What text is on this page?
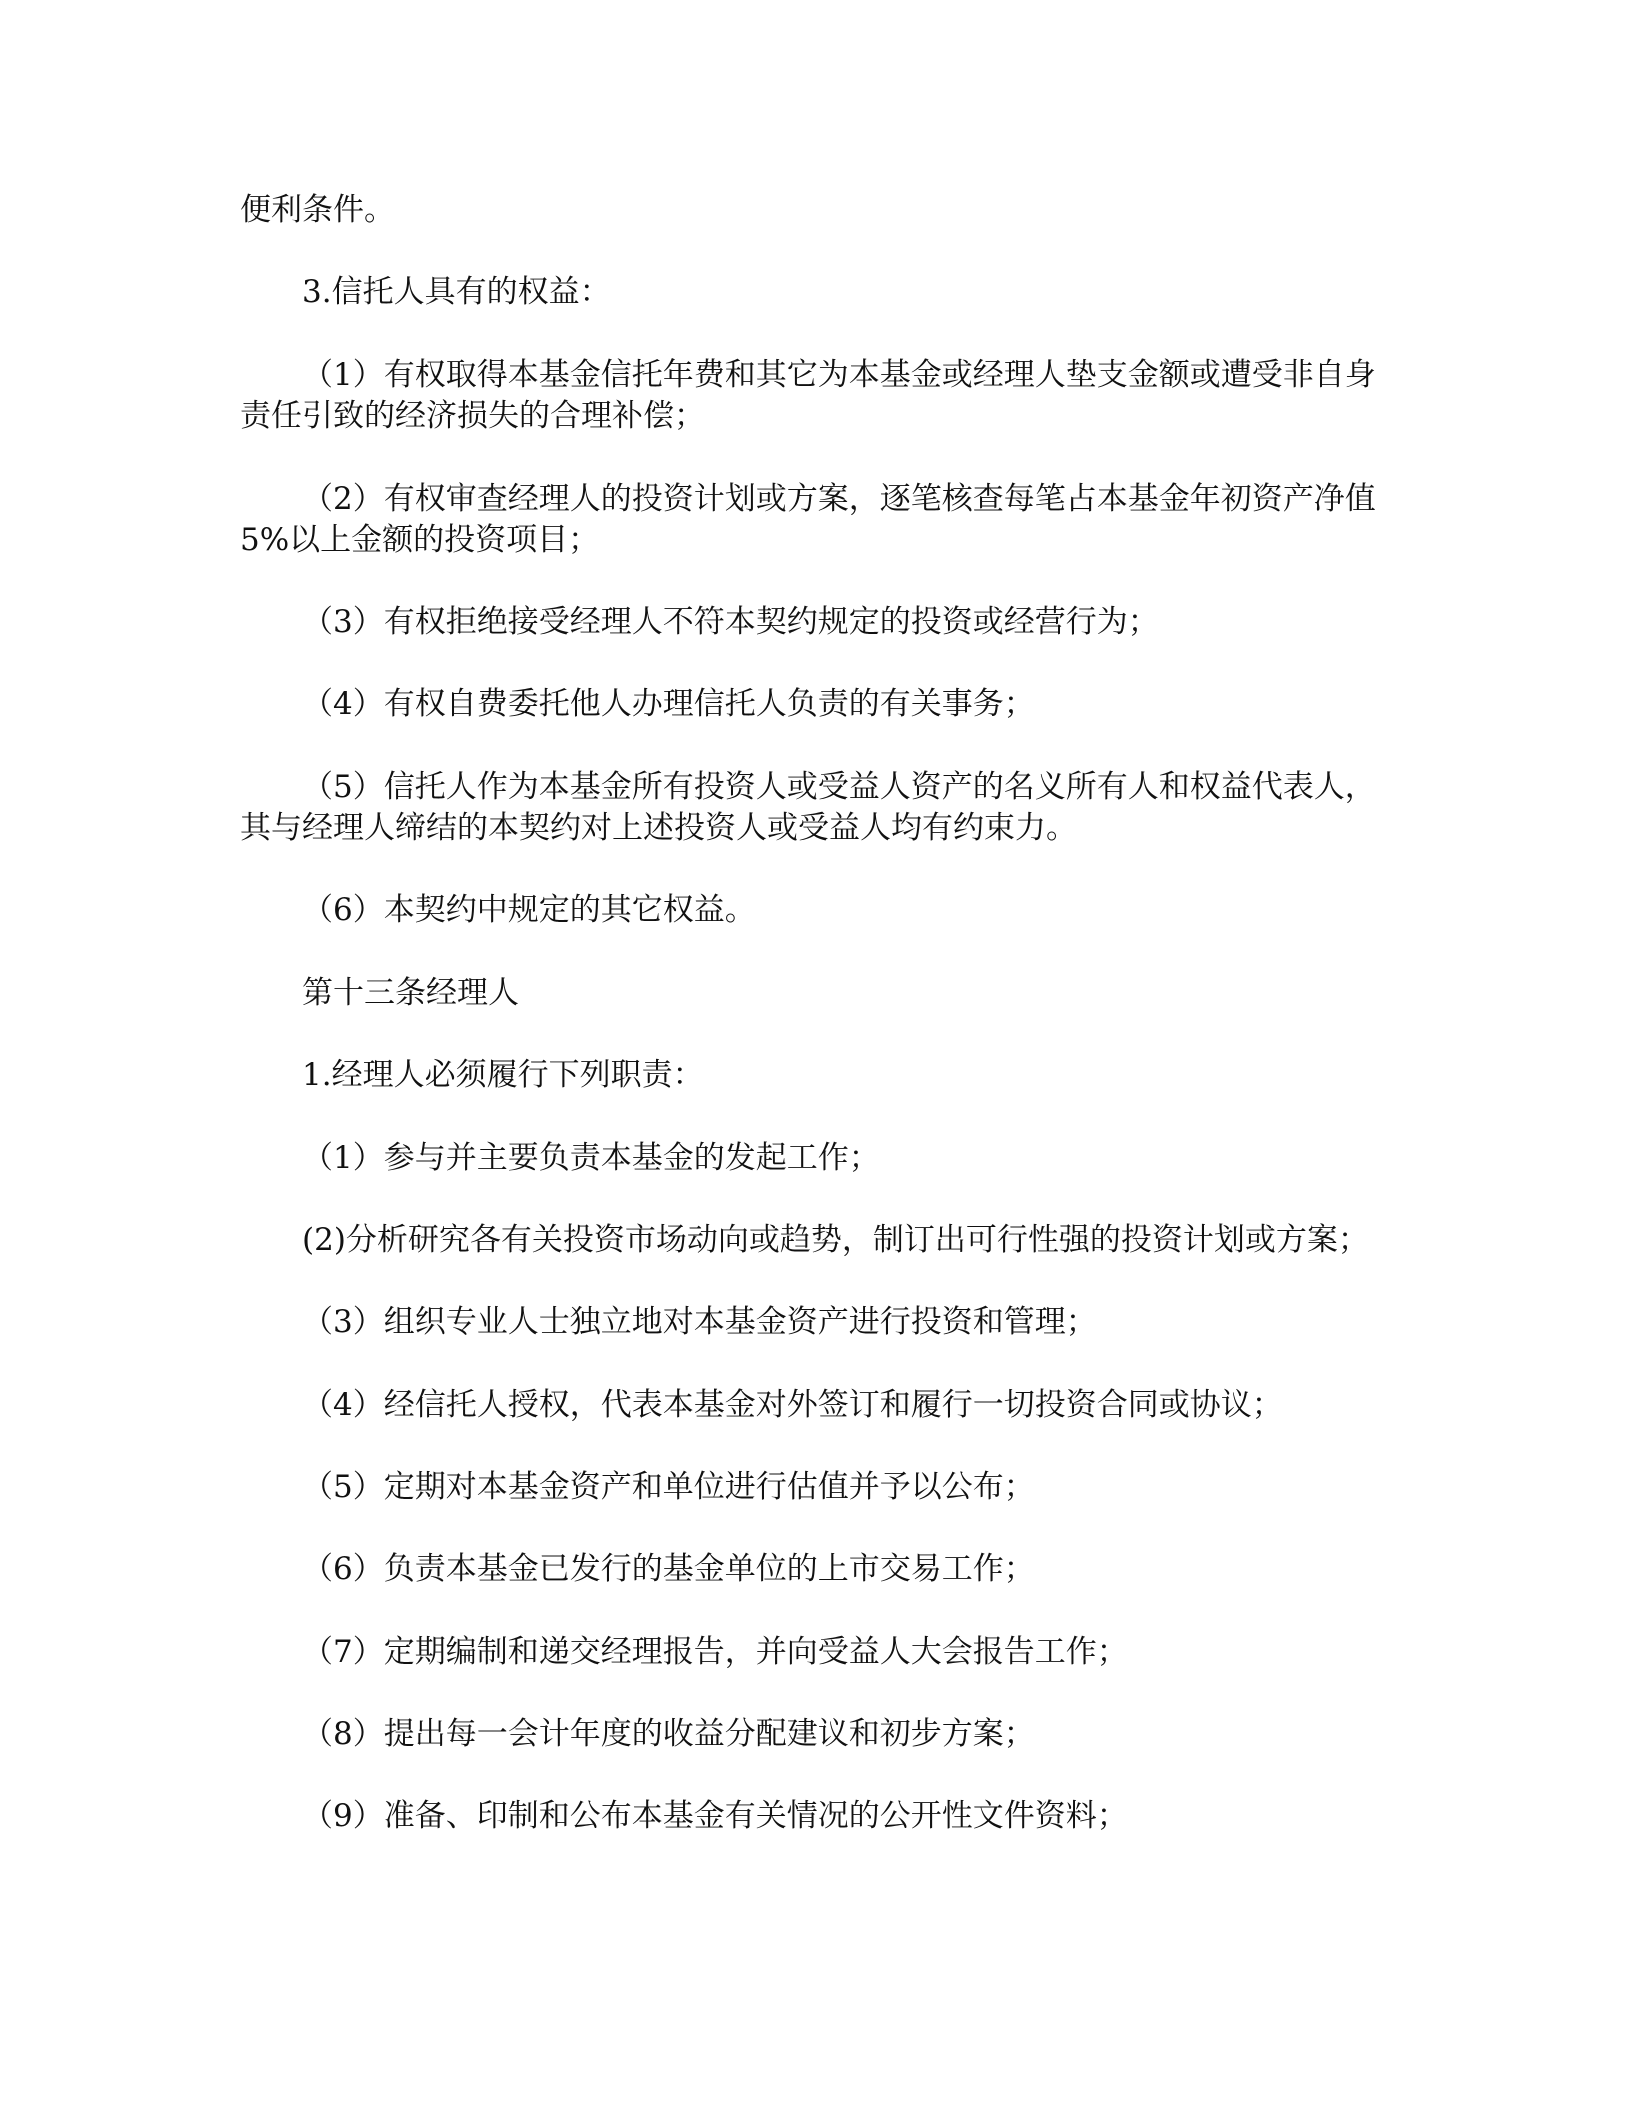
便利条件。

3.信托人具有的权益：

（1）有权取得本基金信托年费和其它为本基金或经理人垫支金额或遭受非自身

责任引致的经济损失的合理补偿；

（2）有权审查经理人的投资计划或方案，逐笔核查每笔占本基金年初资产净值

5%以上金额的投资项目；

（3）有权拒绝接受经理人不符本契约规定的投资或经营行为；

（4）有权自费委托他人办理信托人负责的有关事务；

（5）信托人作为本基金所有投资人或受益人资产的名义所有人和权益代表人，

其与经理人缔结的本契约对上述投资人或受益人均有约束力。

（6）本契约中规定的其它权益。

第十三条经理人

1.经理人必须履行下列职责：

（1）参与并主要负责本基金的发起工作；

(2)分析研究各有关投资市场动向或趋势，制订出可行性强的投资计划或方案；

（3）组织专业人士独立地对本基金资产进行投资和管理；

（4）经信托人授权，代表本基金对外签订和履行一切投资合同或协议；

（5）定期对本基金资产和单位进行估值并予以公布；

（6）负责本基金已发行的基金单位的上市交易工作；

（7）定期编制和递交经理报告，并向受益人大会报告工作；

（8）提出每一会计年度的收益分配建议和初步方案；

（9）准备、印制和公布本基金有关情况的公开性文件资料；
